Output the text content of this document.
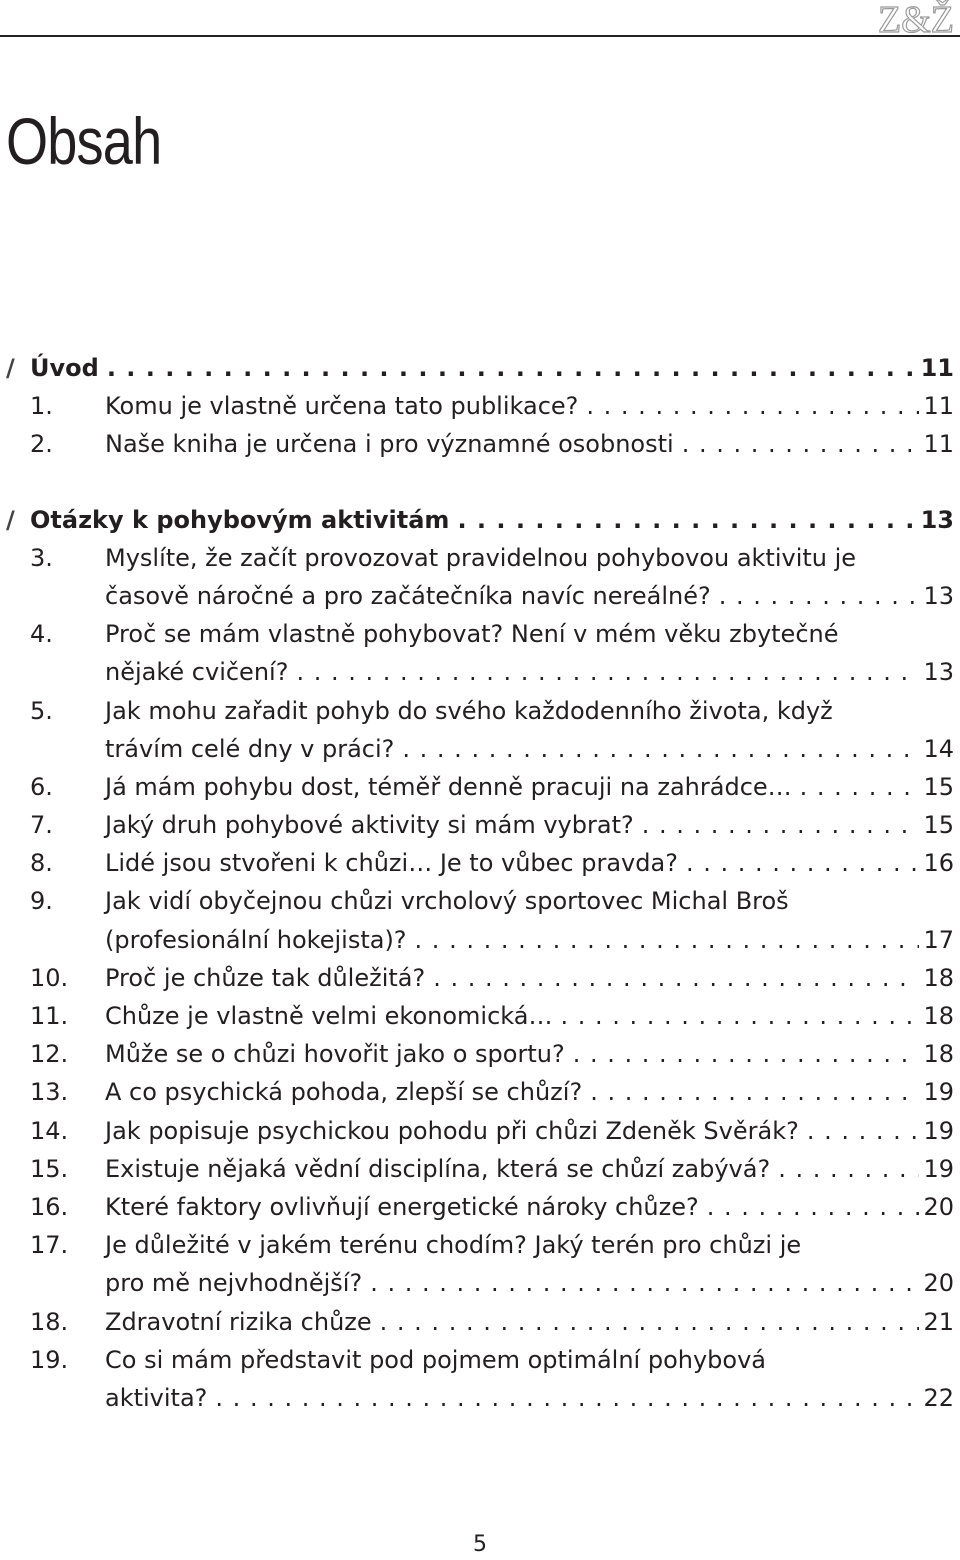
Z&Ž
Obsah
/ Úvod . . .	11
1.	Komu je vlastně určena tato publikace? . . .	11
2.	Naše kniha je určena i pro významné osobnosti . . .	11
/ Otázky k pohybovým aktivitám . . .	13
3.	Myslíte, že začít provozovat pravidelnou pohybovou aktivitu je
časově náročné a pro začátečníka navíc nereálné? . . .	13
4.	Proč se mám vlastně pohybovat? Není v mém věku zbytečné
nějaké cvičení? . . .	13
5.	Jak mohu zařadit pohyb do svého každodenního života, když
trávím celé dny v práci? . . .	14
6.	Já mám pohybu dost, téměř denně pracuji na zahrádce… . . .	15
7.	Jaký druh pohybové aktivity si mám vybrat? . . .	15
8.	Lidé jsou stvořeni k chůzi… Je to vůbec pravda? . . .	16
9.	Jak vidí obyčejnou chůzi vrcholový sportovec Michal Broš
(profesionální hokejista)? . . .	17
10.	Proč je chůze tak důležitá? . . .	18
11.	Chůze je vlastně velmi ekonomická… . . .	18
12.	Může se o chůzi hovořit jako o sportu? . . .	18
13.	A co psychická pohoda, zlepší se chůzí? . . .	19
14.	Jak popisuje psychickou pohodu při chůzi Zdeněk Svěrák? . . .	19
15.	Existuje nějaká vědní disciplína, která se chůzí zabývá? . . .	19
16.	Které faktory ovlivňují energetické nároky chůze? . . .	20
17.	Je důležité v jakém terénu chodím? Jaký terén pro chůzi je
pro mě nejvhodnější? . . .	20
18.	Zdravotní rizika chůze . . .	21
19.	Co si mám představit pod pojmem optimální pohybová
aktivita? . . .	22
5
